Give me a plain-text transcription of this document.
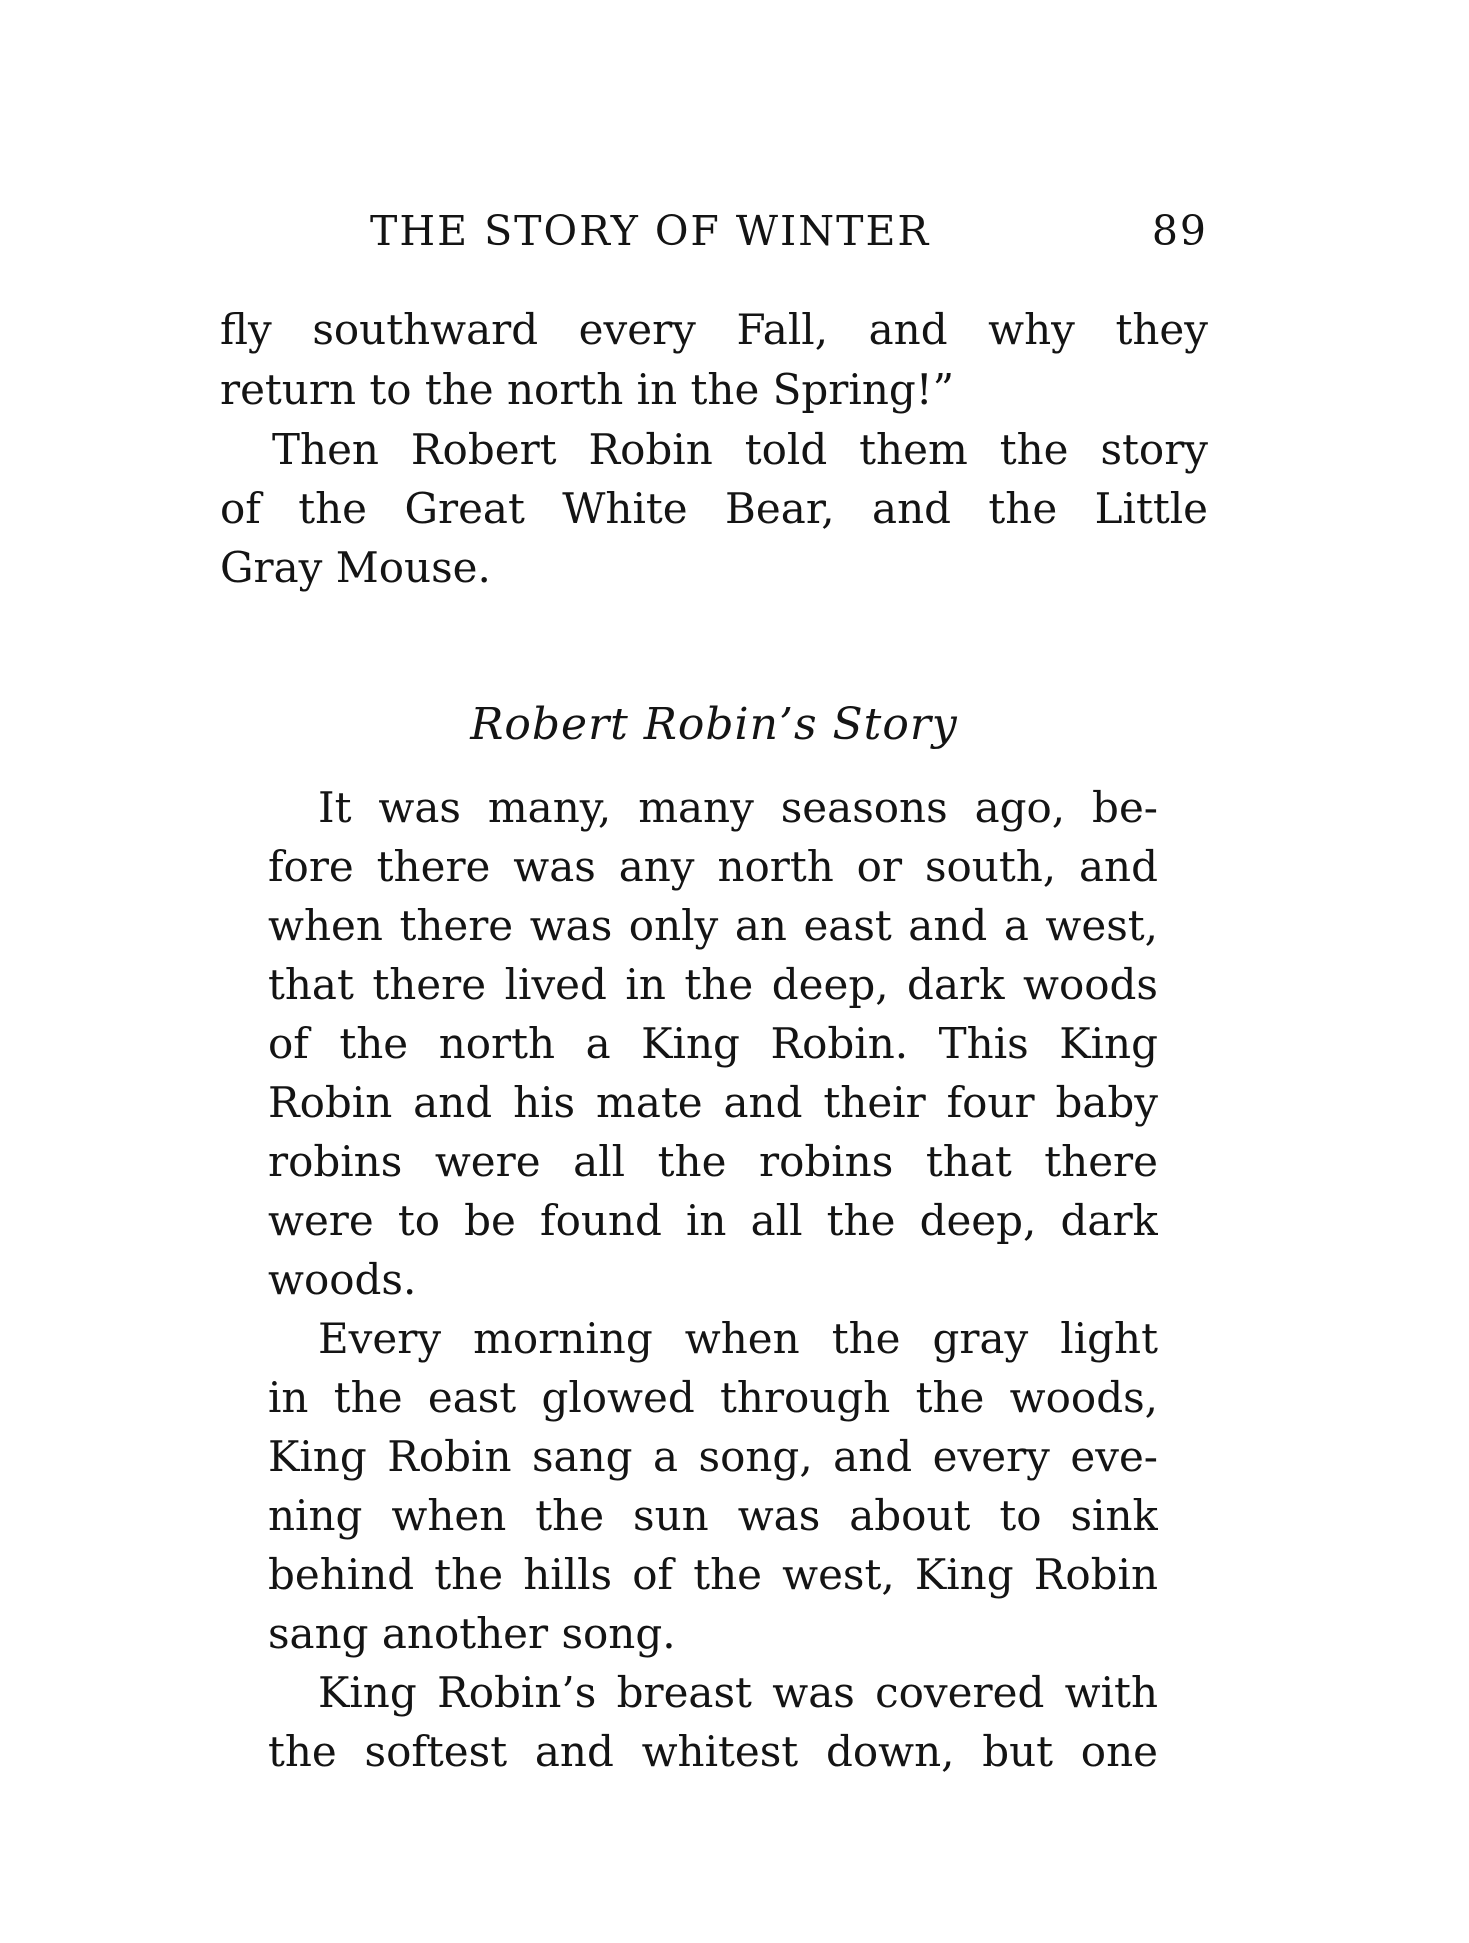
THE STORY OF WINTER	89
fly southward every Fall, and why they
return to the north in the Spring!”
Then Robert Robin told them the story
of the Great White Bear, and the Little
Gray Mouse.
Robert Robin’s Story
It was many, many seasons ago, be-
fore there was any north or south, and
when there was only an east and a west,
that there lived in the deep, dark woods
of the north a King Robin. This King
Robin and his mate and their four baby
robins were all the robins that there
were to be found in all the deep, dark
woods.
Every morning when the gray light
in the east glowed through the woods,
King Robin sang a song, and every eve-
ning when the sun was about to sink
behind the hills of the west, King Robin
sang another song.
King Robin’s breast was covered with
the softest and whitest down, but one
